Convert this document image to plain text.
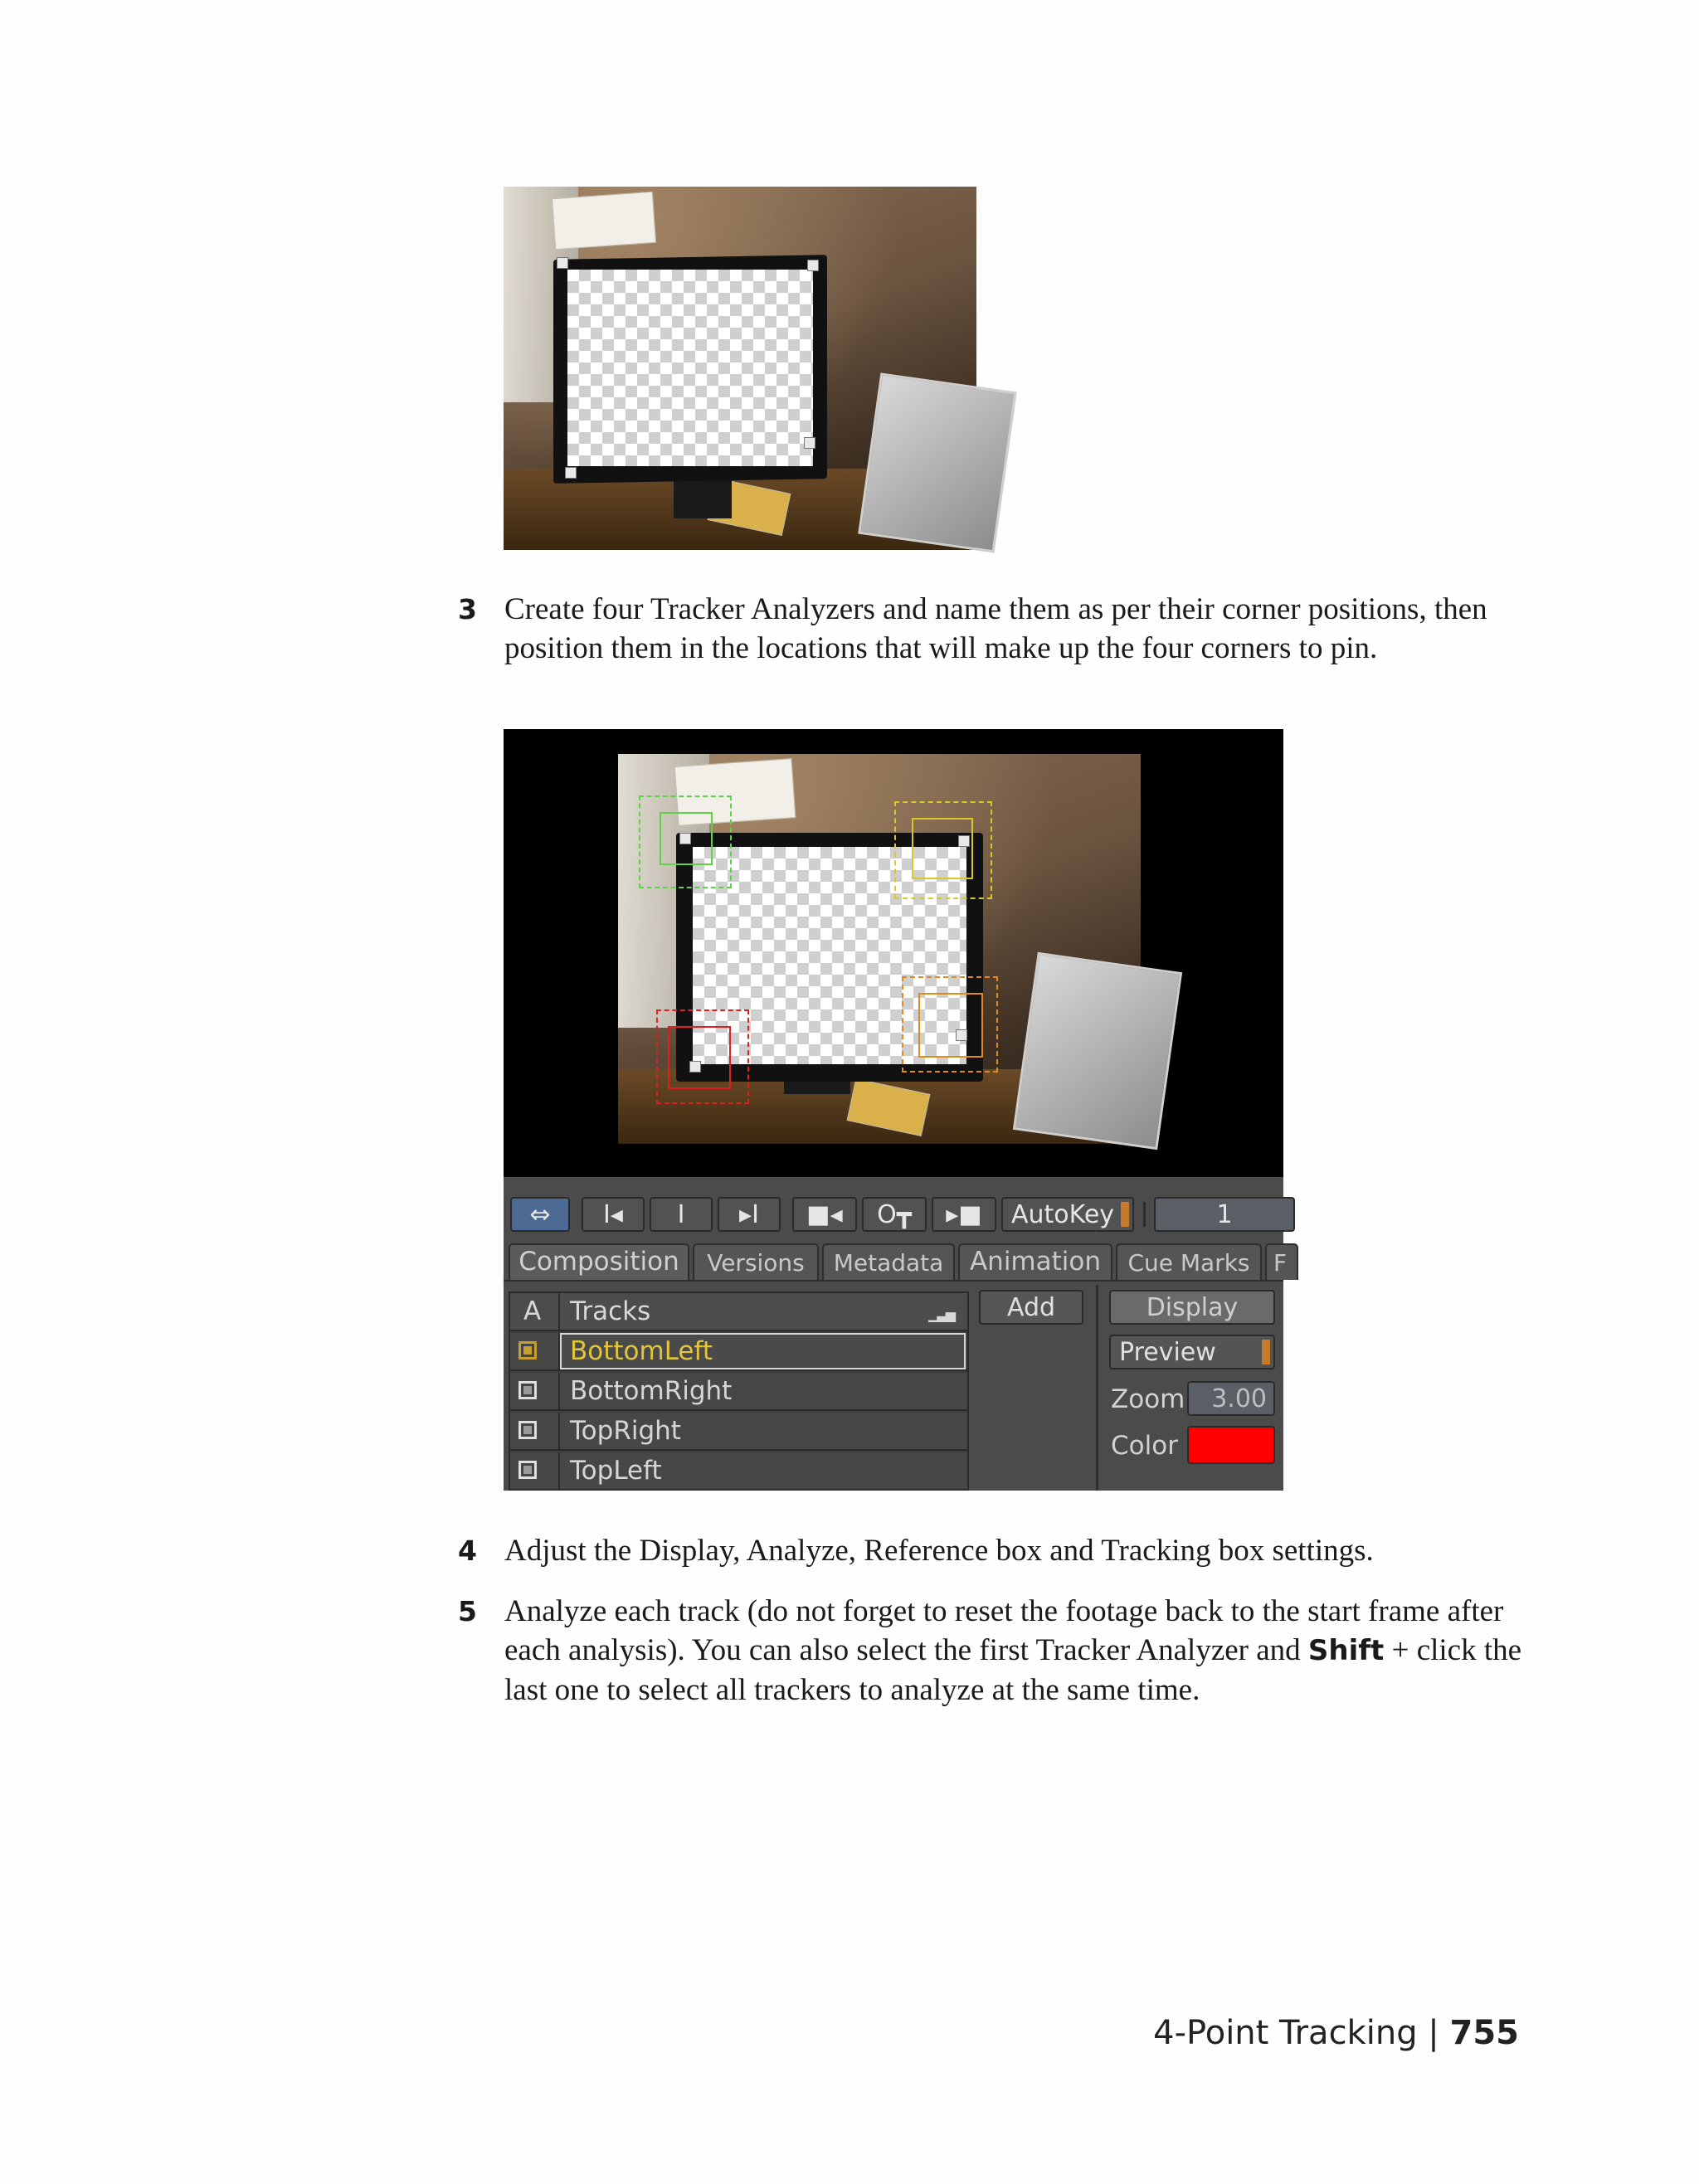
3 Create four Tracker Analyzers and name them as per their corner positions, then position them in the locations that will make up the four corners to pin.
⇔ I◂ I ▸I ■◂ O┳ ▸■ AutoKey	1
Composition Versions Metadata Animation Cue Marks F
A Tracks	▁▃▅
BottomLeft
BottomRight
TopRight
TopLeft
Add	Display
Preview
Zoom 3.00
Color
4 Adjust the Display, Analyze, Reference box and Tracking box settings.
5 Analyze each track (do not forget to reset the footage back to the start frame after each analysis). You can also select the first Tracker Analyzer and Shift + click the last one to select all trackers to analyze at the same time.
4-Point Tracking | 755
